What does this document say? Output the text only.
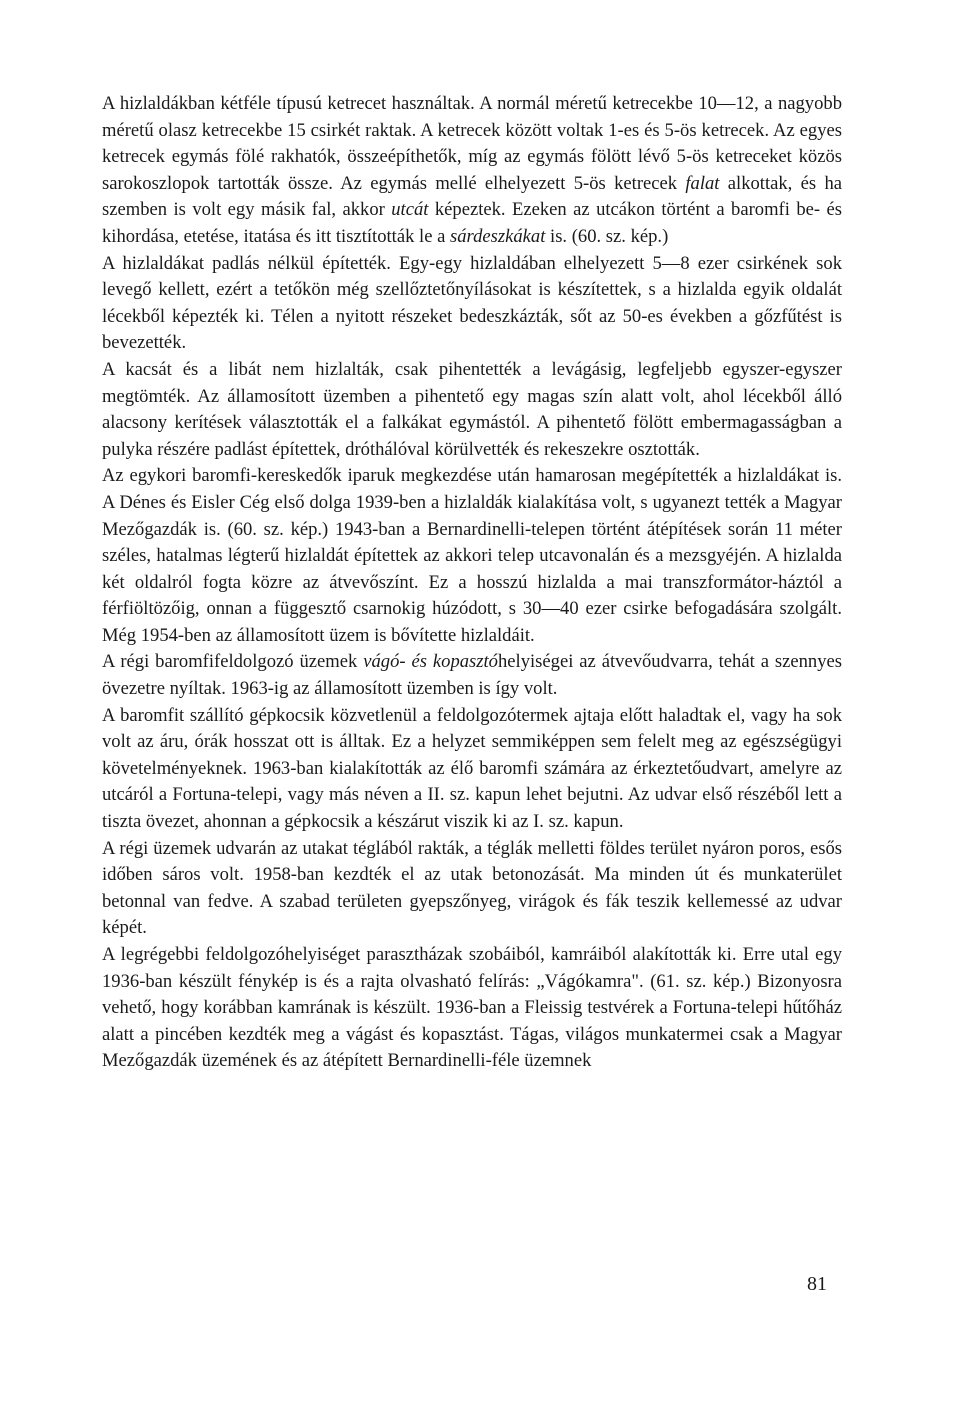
A hizlaldákban kétféle típusú ketrecet használtak. A normál méretű ketrecekbe 10—12, a nagyobb méretű olasz ketrecekbe 15 csirkét raktak. A ketrecek között voltak 1-es és 5-ös ketrecek. Az egyes ketrecek egymás fölé rakhatók, összeépíthetők, míg az egymás fölött lévő 5-ös ketreceket közös sarokoszlopok tartották össze. Az egymás mellé elhelyezett 5-ös ketrecek falat alkottak, és ha szemben is volt egy másik fal, akkor utcát képeztek. Ezeken az utcákon történt a baromfi be- és kihordása, etetése, itatása és itt tisztították le a sárdeszkákat is. (60. sz. kép.)

A hizlaldákat padlás nélkül építették. Egy-egy hizlaldában elhelyezett 5—8 ezer csirkének sok levegő kellett, ezért a tetőkön még szellőztetőnyílásokat is készítettek, s a hizlalda egyik oldalát lécekből képezték ki. Télen a nyitott részeket bedeszkázták, sőt az 50-es években a gőzfűtést is bevezették.

A kacsát és a libát nem hizlalták, csak pihentették a levágásig, legfeljebb egyszer-egyszer megtömték. Az államosított üzemben a pihentető egy magas szín alatt volt, ahol lécekből álló alacsony kerítések választották el a falkákat egymástól. A pihentető fölött embermagasságban a pulyka részére padlást építettek, dróthálóval körülvették és rekeszekre osztották.

Az egykori baromfi-kereskedők iparuk megkezdése után hamarosan megépítették a hizlaldákat is. A Dénes és Eisler Cég első dolga 1939-ben a hizlaldák kialakítása volt, s ugyanezt tették a Magyar Mezőgazdák is. (60. sz. kép.) 1943-ban a Bernardinelli-telepen történt átépítések során 11 méter széles, hatalmas légterű hizlaldát építettek az akkori telep utcavonalán és a mezsgyéjén. A hizlalda két oldalról fogta közre az átvevőszínt. Ez a hosszú hizlalda a mai transzformátor-háztól a férfiöltözőig, onnan a függesztő csarnokig húzódott, s 30—40 ezer csirke befogadására szolgált. Még 1954-ben az államosított üzem is bővítette hizlaldáit.

A régi baromfifeldolgozó üzemek vágó- és kopasztóhelyiségei az átvevőudvarra, tehát a szennyes övezetre nyíltak. 1963-ig az államosított üzemben is így volt.

A baromfit szállító gépkocsik közvetlenül a feldolgozótermek ajtaja előtt haladtak el, vagy ha sok volt az áru, órák hosszat ott is álltak. Ez a helyzet semmiképpen sem felelt meg az egészségügyi követelményeknek. 1963-ban kialakították az élő baromfi számára az érkeztetőudvart, amelyre az utcáról a Fortuna-telepi, vagy más néven a II. sz. kapun lehet bejutni. Az udvar első részéből lett a tiszta övezet, ahonnan a gépkocsik a készárut viszik ki az I. sz. kapun.

A régi üzemek udvarán az utakat téglából rakták, a téglák melletti földes terület nyáron poros, esős időben sáros volt. 1958-ban kezdték el az utak betonozását. Ma minden út és munkaterület betonnal van fedve. A szabad területen gyepszőnyeg, virágok és fák teszik kellemessé az udvar képét.

A legrégebbi feldolgozóhelyiséget parasztházak szobáiból, kamráiból alakították ki. Erre utal egy 1936-ban készült fénykép is és a rajta olvasható felírás: „Vágókamra". (61. sz. kép.) Bizonyosra vehető, hogy korábban kamrának is készült. 1936-ban a Fleissig testvérek a Fortuna-telepi hűtőház alatt a pincében kezdték meg a vágást és kopasztást. Tágas, világos munkatermei csak a Magyar Mezőgazdák üzemének és az átépített Bernardinelli-féle üzemnek

81
